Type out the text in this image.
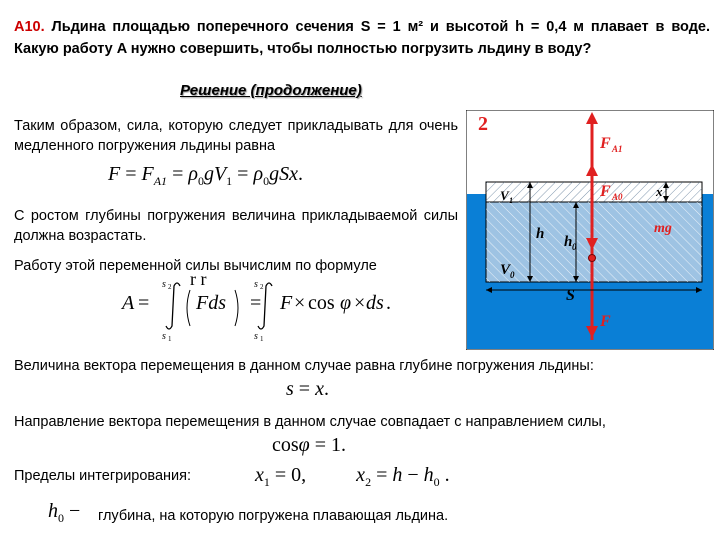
А10. Льдина площадью поперечного сечения S = 1 м² и высотой h = 0,4 м плавает в воде. Какую работу A нужно совершить, чтобы полностью погрузить льдину в воду?
Решение (продолжение)
Таким образом, сила, которую следует прикладывать для очень медленного погружения льдины равна
$F = F_{A1} = \rho_0gV_1 = \rho_0gSx$.
С ростом глубины погружения величина прикладываемой силы должна возрастать.
Работу этой переменной силы вычислим по формуле
A =
s 2
s 1
Fds
r r
=
s 2
s 1
F × cos φ × ds .
Величина вектора перемещения в данном случае равна глубине погружения льдины:
s = x.
Направление вектора перемещения в данном случае совпадает с направлением силы,
cosφ = 1.
Пределы интегрирования:	$x_1 = 0$,	$x_2 = h - h_0$ .
$h_0$ − глубина, на которую погружена плавающая льдина.
2
F A1
F A0
mg
F
F A1
x
V 1
h h 0
V 0
S
